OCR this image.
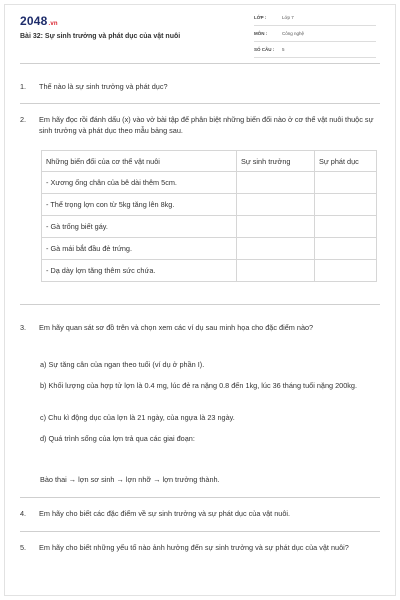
2048.vn
Bài 32: Sự sinh trưởng và phát dục của vật nuôi
LỚP :	Lớp 7
MÔN :	Công nghệ
SỐ CÂU : 5
1. Thế nào là sự sinh trưởng và phát dục?
2. Em hãy đọc rồi đánh dấu (x) vào vở bài tập để phân biệt những biến đổi nào ở cơ thể vật nuôi thuộc sự sinh trưởng và phát dục theo mẫu bảng sau.
Những biến đổi của cơ thể vật nuôi	Sự sinh trưởng	Sự phát dục
- Xương ống chân của bê dài thêm 5cm.		
- Thể trọng lợn con từ 5kg tăng lên 8kg.		
- Gà trống biết gáy.		
- Gà mái bắt đầu đẻ trứng.		
- Dạ dày lợn tăng thêm sức chứa.		
3. Em hãy quan sát sơ đồ trên và chọn xem các ví dụ sau minh họa cho đặc điểm nào?
a) Sự tăng cân của ngan theo tuổi (ví dụ ở phần I).
b) Khối lượng của hợp tử lợn là 0.4 mg, lúc đẻ ra nặng 0.8 đến 1kg, lúc 36 tháng tuổi nặng 200kg.
c) Chu kì động dục của lợn là 21 ngày, của ngựa là 23 ngày.
d) Quá trình sống của lợn trả qua các giai đoạn:
Bào thai → lợn sơ sinh → lợn nhỡ → lợn trưởng thành.
4. Em hãy cho biết các đặc điểm về sự sinh trưởng và sự phát dục của vật nuôi.
5. Em hãy cho biết những yếu tố nào ảnh hưởng đến sự sinh trưởng và sự phát dục của vật nuôi?
